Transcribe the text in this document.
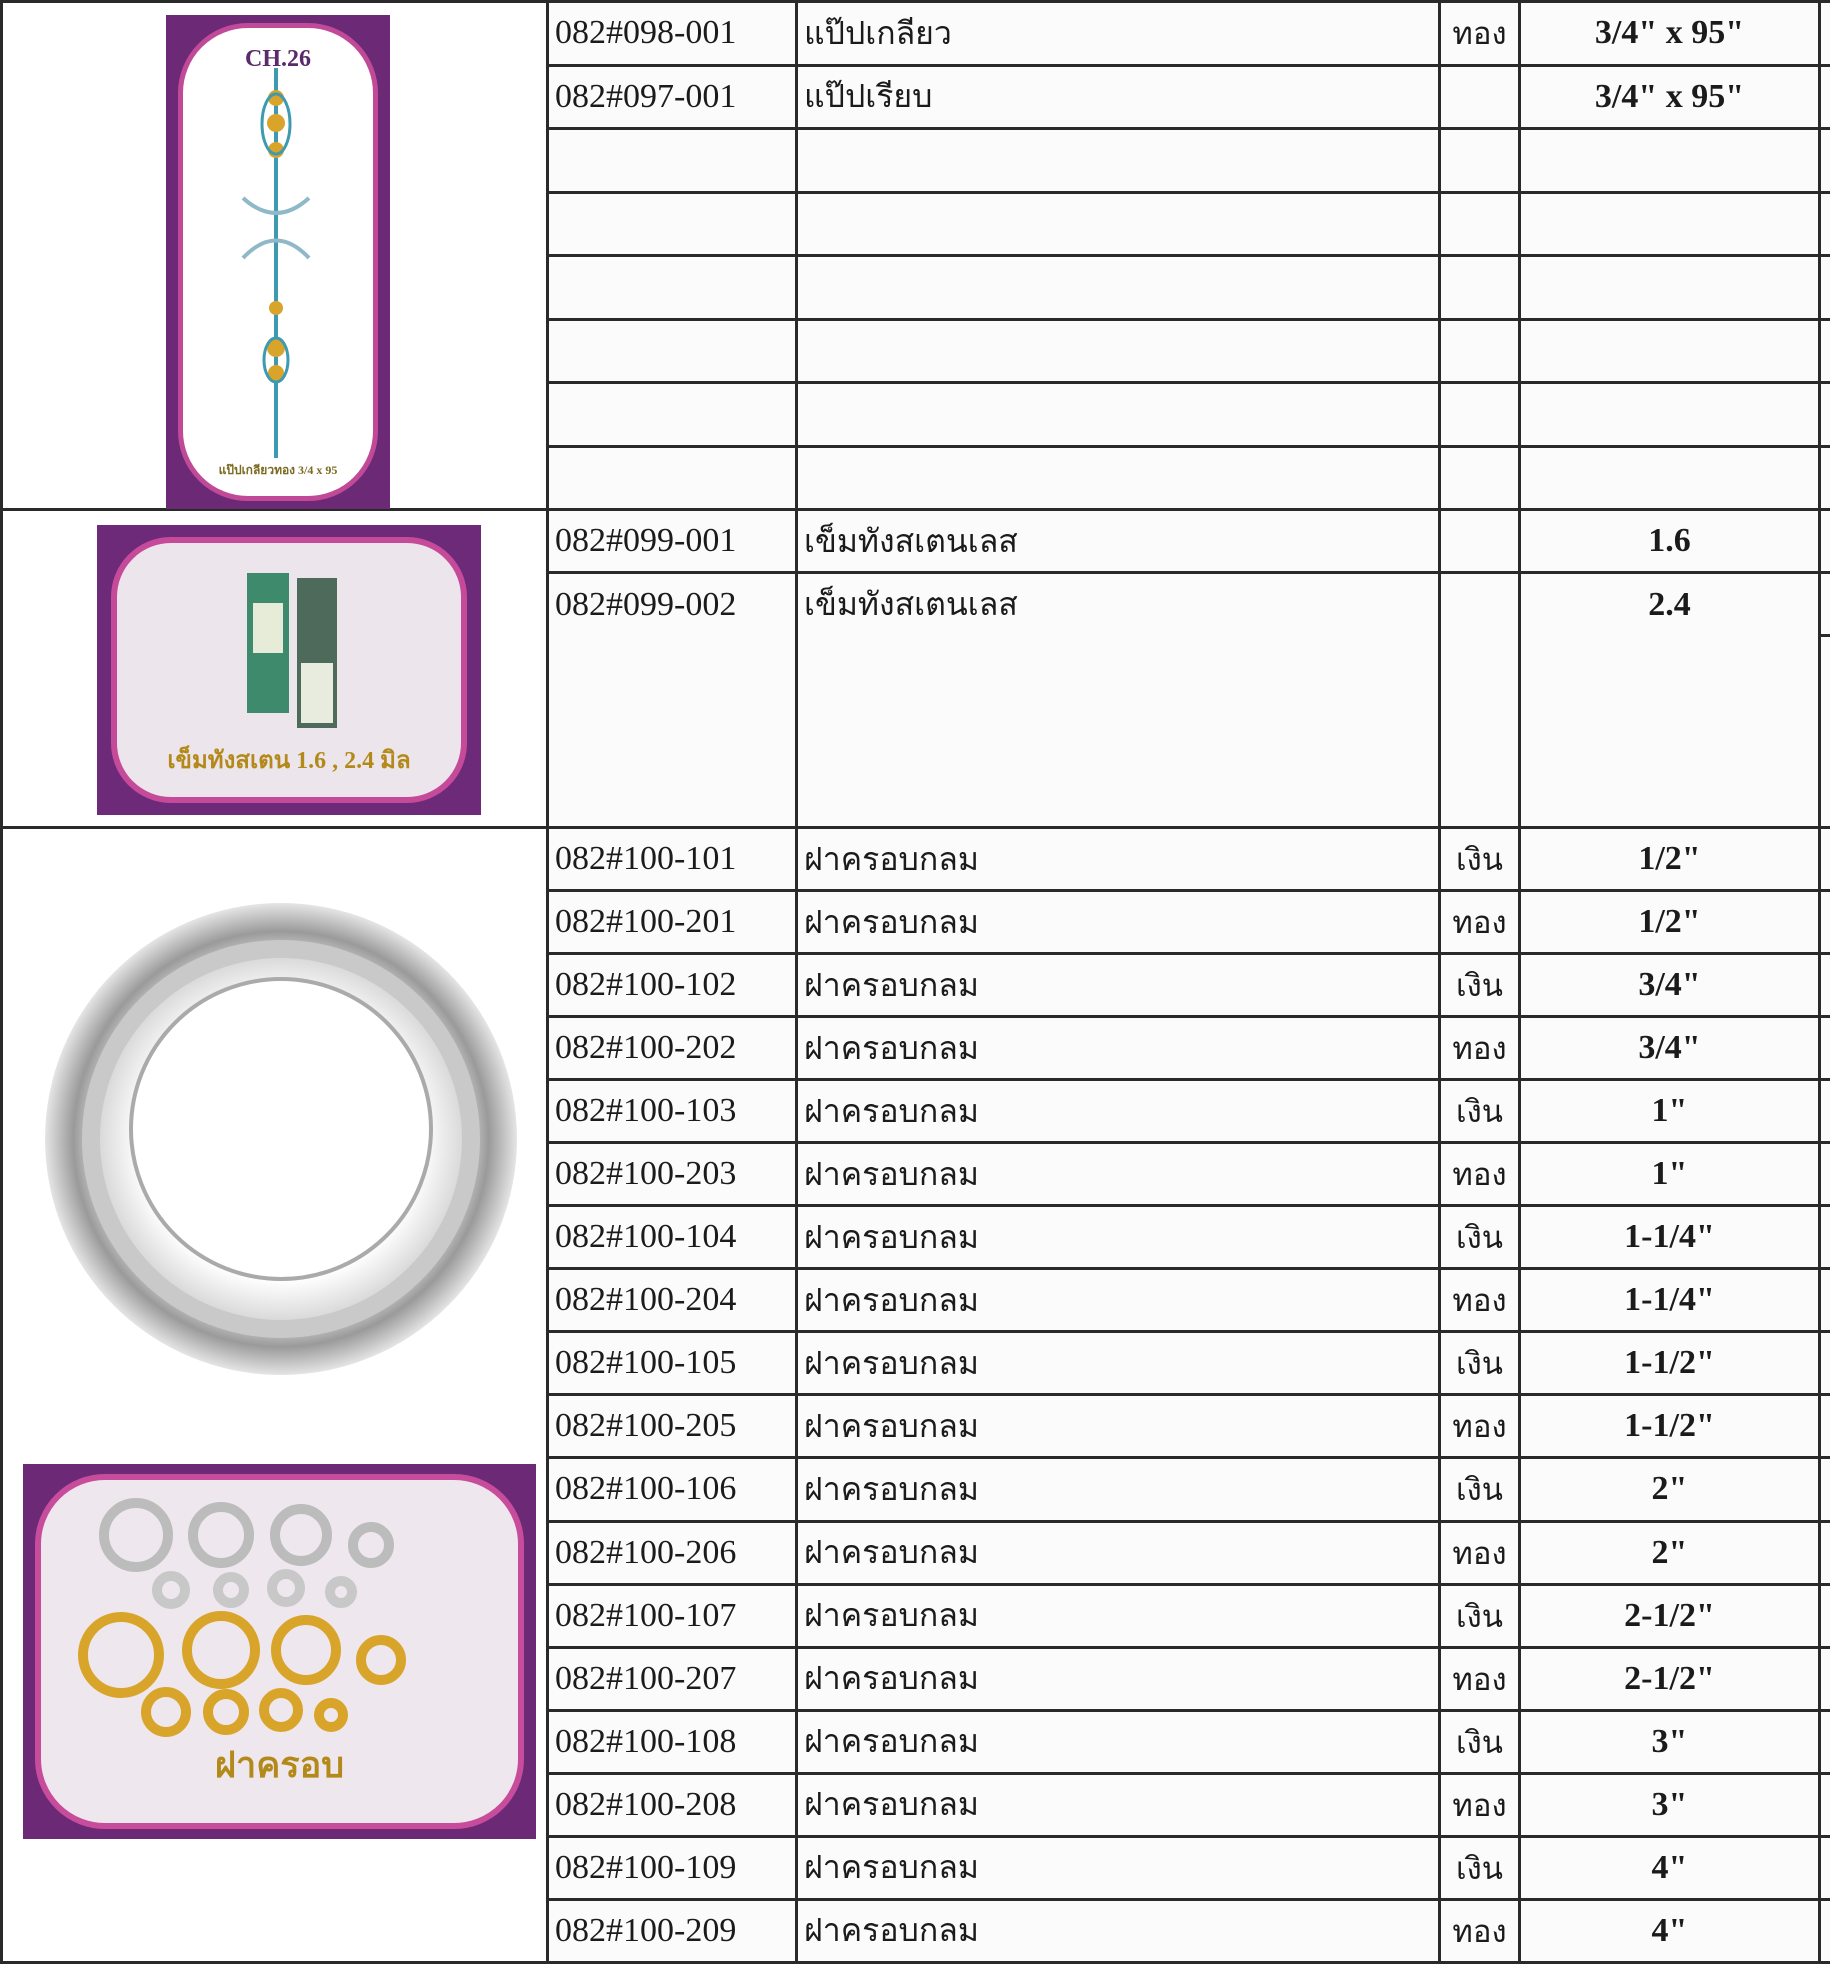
CH.26
แป๊ปเกลียวทอง 3/4 x 95	082#098-001	แป๊ปเกลียว	ทอง	3/4" x 95"	
	082#097-001	แป๊ปเรียบ		3/4" x 95"	

เข็มทังสเตน 1.6 , 2.4 มิล	082#099-001	เข็มทังสเตนเลส		1.6	
	082#099-002	เข็มทังสเตนเลส		2.4	

ฝาครอบ	082#100-101	ฝาครอบกลม	เงิน	1/2"	
	082#100-201	ฝาครอบกลม	ทอง	1/2"	
	082#100-102	ฝาครอบกลม	เงิน	3/4"	
	082#100-202	ฝาครอบกลม	ทอง	3/4"	
	082#100-103	ฝาครอบกลม	เงิน	1"	
	082#100-203	ฝาครอบกลม	ทอง	1"	
	082#100-104	ฝาครอบกลม	เงิน	1-1/4"	
	082#100-204	ฝาครอบกลม	ทอง	1-1/4"	
	082#100-105	ฝาครอบกลม	เงิน	1-1/2"	
	082#100-205	ฝาครอบกลม	ทอง	1-1/2"	
	082#100-106	ฝาครอบกลม	เงิน	2"	
	082#100-206	ฝาครอบกลม	ทอง	2"	
	082#100-107	ฝาครอบกลม	เงิน	2-1/2"	
	082#100-207	ฝาครอบกลม	ทอง	2-1/2"	
	082#100-108	ฝาครอบกลม	เงิน	3"	
	082#100-208	ฝาครอบกลม	ทอง	3"	
	082#100-109	ฝาครอบกลม	เงิน	4"	
	082#100-209	ฝาครอบกลม	ทอง	4"	
